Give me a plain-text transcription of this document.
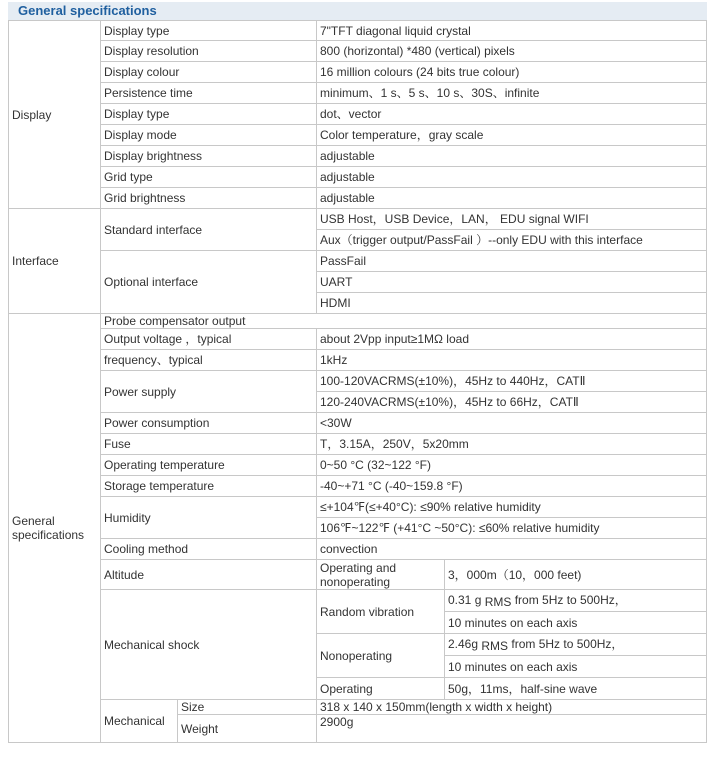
General specifications
Display	Display type		7"TFT diagonal liquid crystal	
	Display resolution		800 (horizontal) *480 (vertical) pixels	
	Display colour		16 million colours (24 bits true colour)	
	Persistence time		minimum、1 s、5 s、10 s、30S、infinite	
	Display type		dot、vector	
	Display mode		Color temperature，gray scale	
	Display brightness		adjustable	
	Grid type		adjustable	
	Grid brightness		adjustable	
Interface	Standard interface		USB Host，USB Device，LAN， EDU signal WIFI	
			Aux（trigger output/PassFail ）--only EDU with this interface	
	Optional interface		PassFail	
			UART	
			HDMI	
General specifications	Probe compensator output			
	Output voltage ，typical		about 2Vpp input≥1MΩ load	
	frequency、typical		1kHz	
	Power supply		100-120VACRMS(±10%)，45Hz to 440Hz，CATⅡ	
			120-240VACRMS(±10%)，45Hz to 66Hz，CATⅡ	
	Power consumption		<30W	
	Fuse		T，3.15A，250V，5x20mm	
	Operating temperature		0~50 °C (32~122 °F)	
	Storage temperature		-40~+71 °C (-40~159.8 °F)	
	Humidity		≤+104℉(≤+40°C): ≤90% relative humidity	
			106℉~122℉ (+41°C ~50°C): ≤60% relative humidity	
	Cooling method		convection	
	Altitude		Operating and nonoperating	3，000m（10，000 feet)
	Mechanical shock		Random vibration	0.31 g $_{RMS}$ from 5Hz to 500Hz，
				10 minutes on each axis
			Nonoperating	2.46g $_{RMS}$ from 5Hz to 500Hz，
				10 minutes on each axis
			Operating	50g，11ms，half-sine wave
	Mechanical	Size	318 x 140 x 150mm(length x width x height)	
		Weight	2900g	
